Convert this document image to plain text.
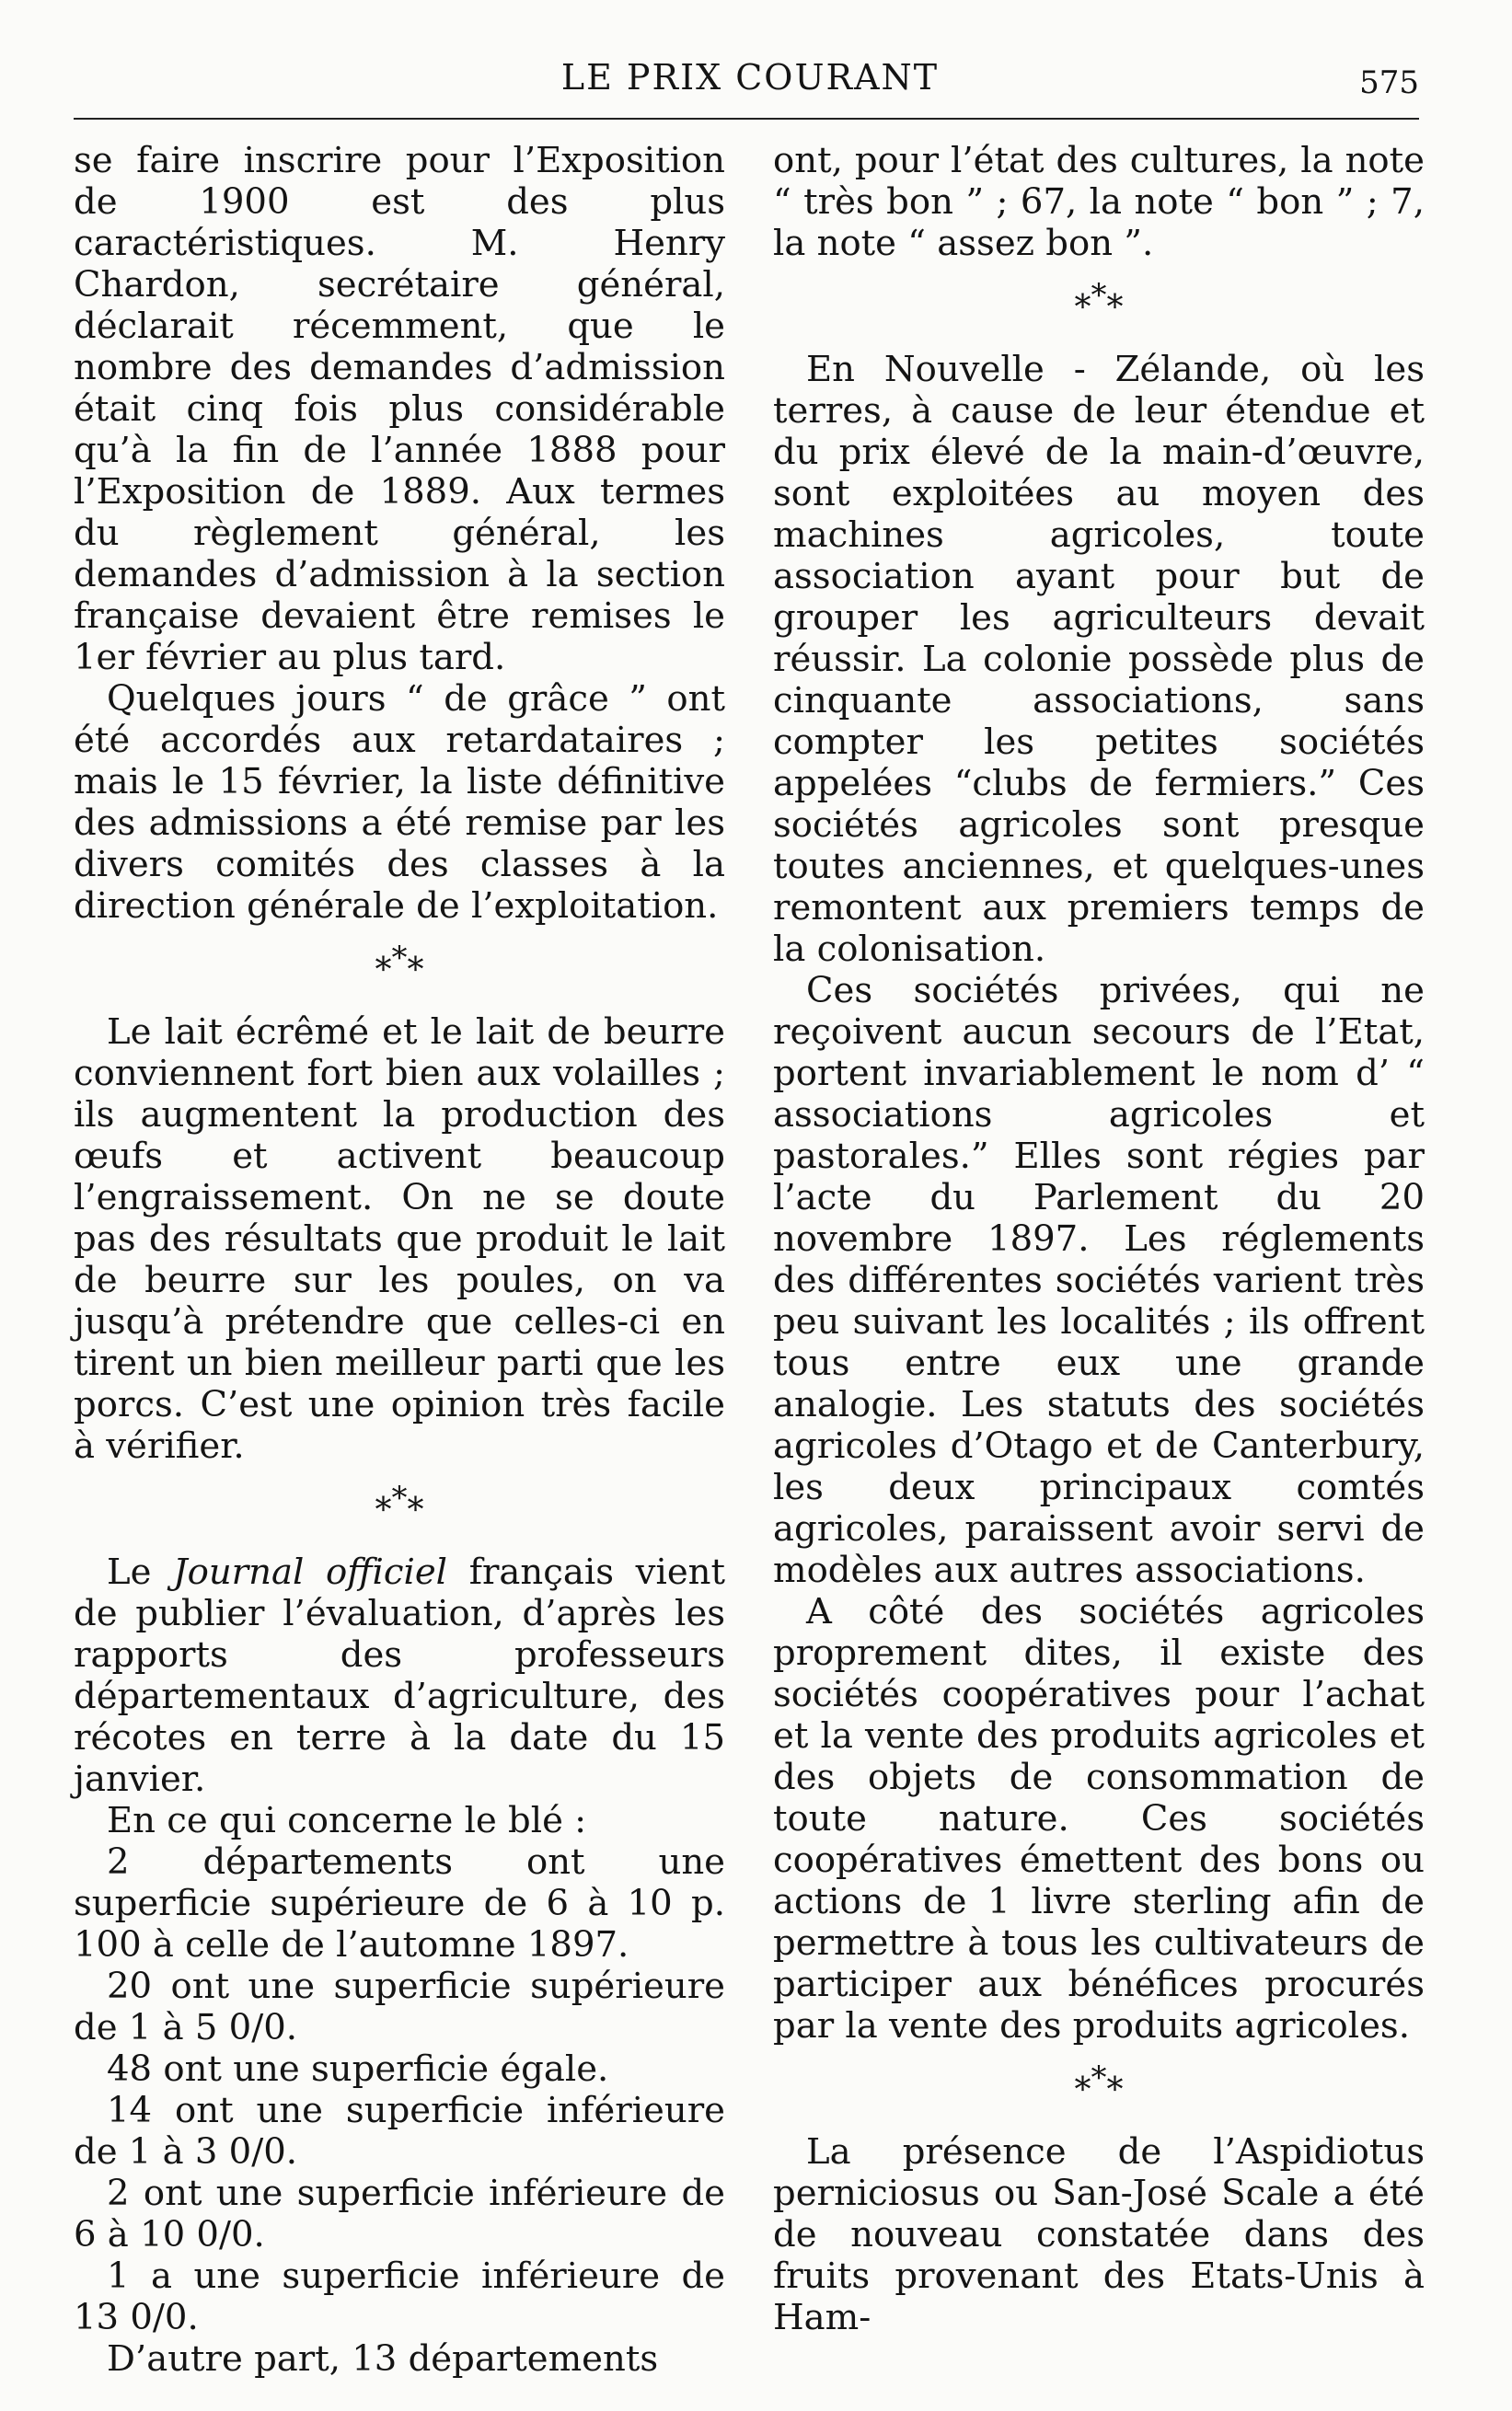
LE PRIX COURANT	575

se faire inscrire pour l’Exposition de 1900 est des plus caractéristiques. M. Henry Chardon, secrétaire général, déclarait récemment, que le nombre des demandes d’admission était cinq fois plus considérable qu’à la fin de l’année 1888 pour l’Exposition de 1889. Aux termes du règlement général, les demandes d’admission à la section française devaient être remises le 1er février au plus tard.

Quelques jours “ de grâce ” ont été accordés aux retardataires ; mais le 15 février, la liste définitive des admissions a été remise par les divers comités des classes à la direction générale de l’exploitation.

***

Le lait écrêmé et le lait de beurre conviennent fort bien aux volailles ; ils augmentent la production des œufs et activent beaucoup l’engraissement. On ne se doute pas des résultats que produit le lait de beurre sur les poules, on va jusqu’à prétendre que celles-ci en tirent un bien meilleur parti que les porcs. C’est une opinion très facile à vérifier.

***

Le Journal officiel français vient de publier l’évaluation, d’après les rapports des professeurs départementaux d’agriculture, des récotes en terre à la date du 15 janvier.

En ce qui concerne le blé :

2 départements ont une superficie supérieure de 6 à 10 p. 100 à celle de l’automne 1897.

20 ont une superficie supérieure de 1 à 5 0/0.

48 ont une superficie égale.

14 ont une superficie inférieure de 1 à 3 0/0.

2 ont une superficie inférieure de 6 à 10 0/0.

1 a une superficie inférieure de 13 0/0.

D’autre part, 13 départements

ont, pour l’état des cultures, la note “ très bon ” ; 67, la note “ bon ” ; 7, la note “ assez bon ”.

***

En Nouvelle - Zélande, où les terres, à cause de leur étendue et du prix élevé de la main-d’œuvre, sont exploitées au moyen des machines agricoles, toute association ayant pour but de grouper les agriculteurs devait réussir. La colonie possède plus de cinquante associations, sans compter les petites sociétés appelées “clubs de fermiers.” Ces sociétés agricoles sont presque toutes anciennes, et quelques-unes remontent aux premiers temps de la colonisation.

Ces sociétés privées, qui ne reçoivent aucun secours de l’Etat, portent invariablement le nom d’ “ associations agricoles et pastorales.” Elles sont régies par l’acte du Parlement du 20 novembre 1897. Les réglements des différentes sociétés varient très peu suivant les localités ; ils offrent tous entre eux une grande analogie. Les statuts des sociétés agricoles d’Otago et de Canterbury, les deux principaux comtés agricoles, paraissent avoir servi de modèles aux autres associations.

A côté des sociétés agricoles proprement dites, il existe des sociétés coopératives pour l’achat et la vente des produits agricoles et des objets de consommation de toute nature. Ces sociétés coopératives émettent des bons ou actions de 1 livre sterling afin de permettre à tous les cultivateurs de participer aux bénéfices procurés par la vente des produits agricoles.

***

La présence de l’Aspidiotus perniciosus ou San-José Scale a été de nouveau constatée dans des fruits provenant des Etats-Unis à Ham-
